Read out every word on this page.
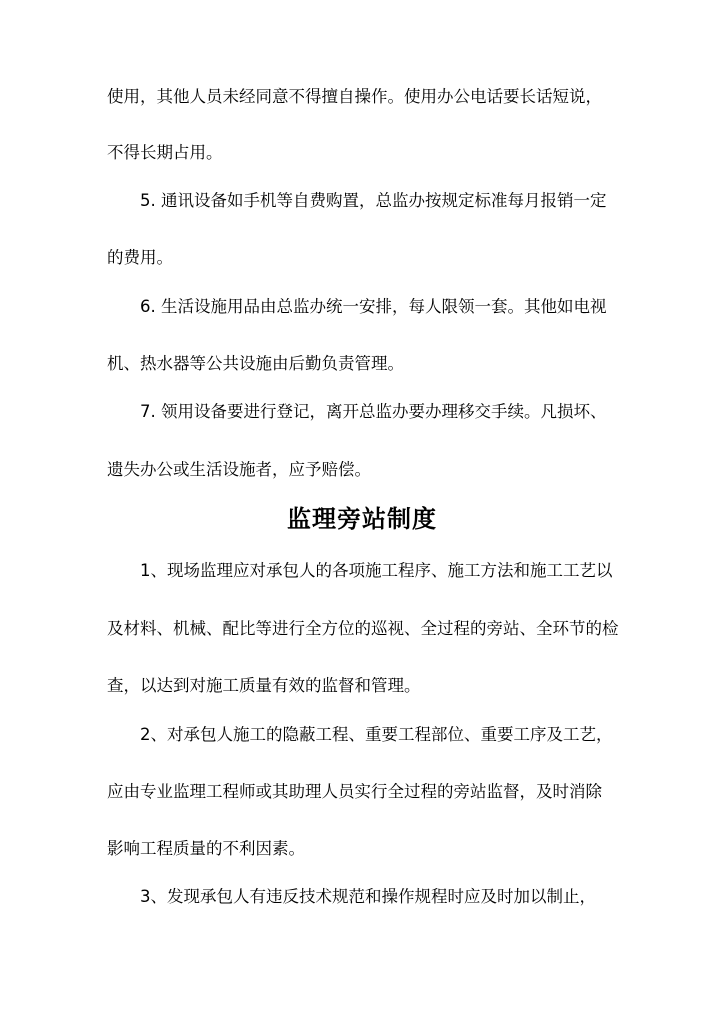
使用，其他人员未经同意不得擅自操作。使用办公电话要长话短说，
不得长期占用。
5. 通讯设备如手机等自费购置，总监办按规定标准每月报销一定
的费用。
6. 生活设施用品由总监办统一安排，每人限领一套。其他如电视
机、热水器等公共设施由后勤负责管理。
7. 领用设备要进行登记，离开总监办要办理移交手续。凡损坏、
遗失办公或生活设施者，应予赔偿。
监理旁站制度
1、现场监理应对承包人的各项施工程序、施工方法和施工工艺以
及材料、机械、配比等进行全方位的巡视、全过程的旁站、全环节的检
查，以达到对施工质量有效的监督和管理。
2、对承包人施工的隐蔽工程、重要工程部位、重要工序及工艺，
应由专业监理工程师或其助理人员实行全过程的旁站监督，及时消除
影响工程质量的不利因素。
3、发现承包人有违反技术规范和操作规程时应及时加以制止，
